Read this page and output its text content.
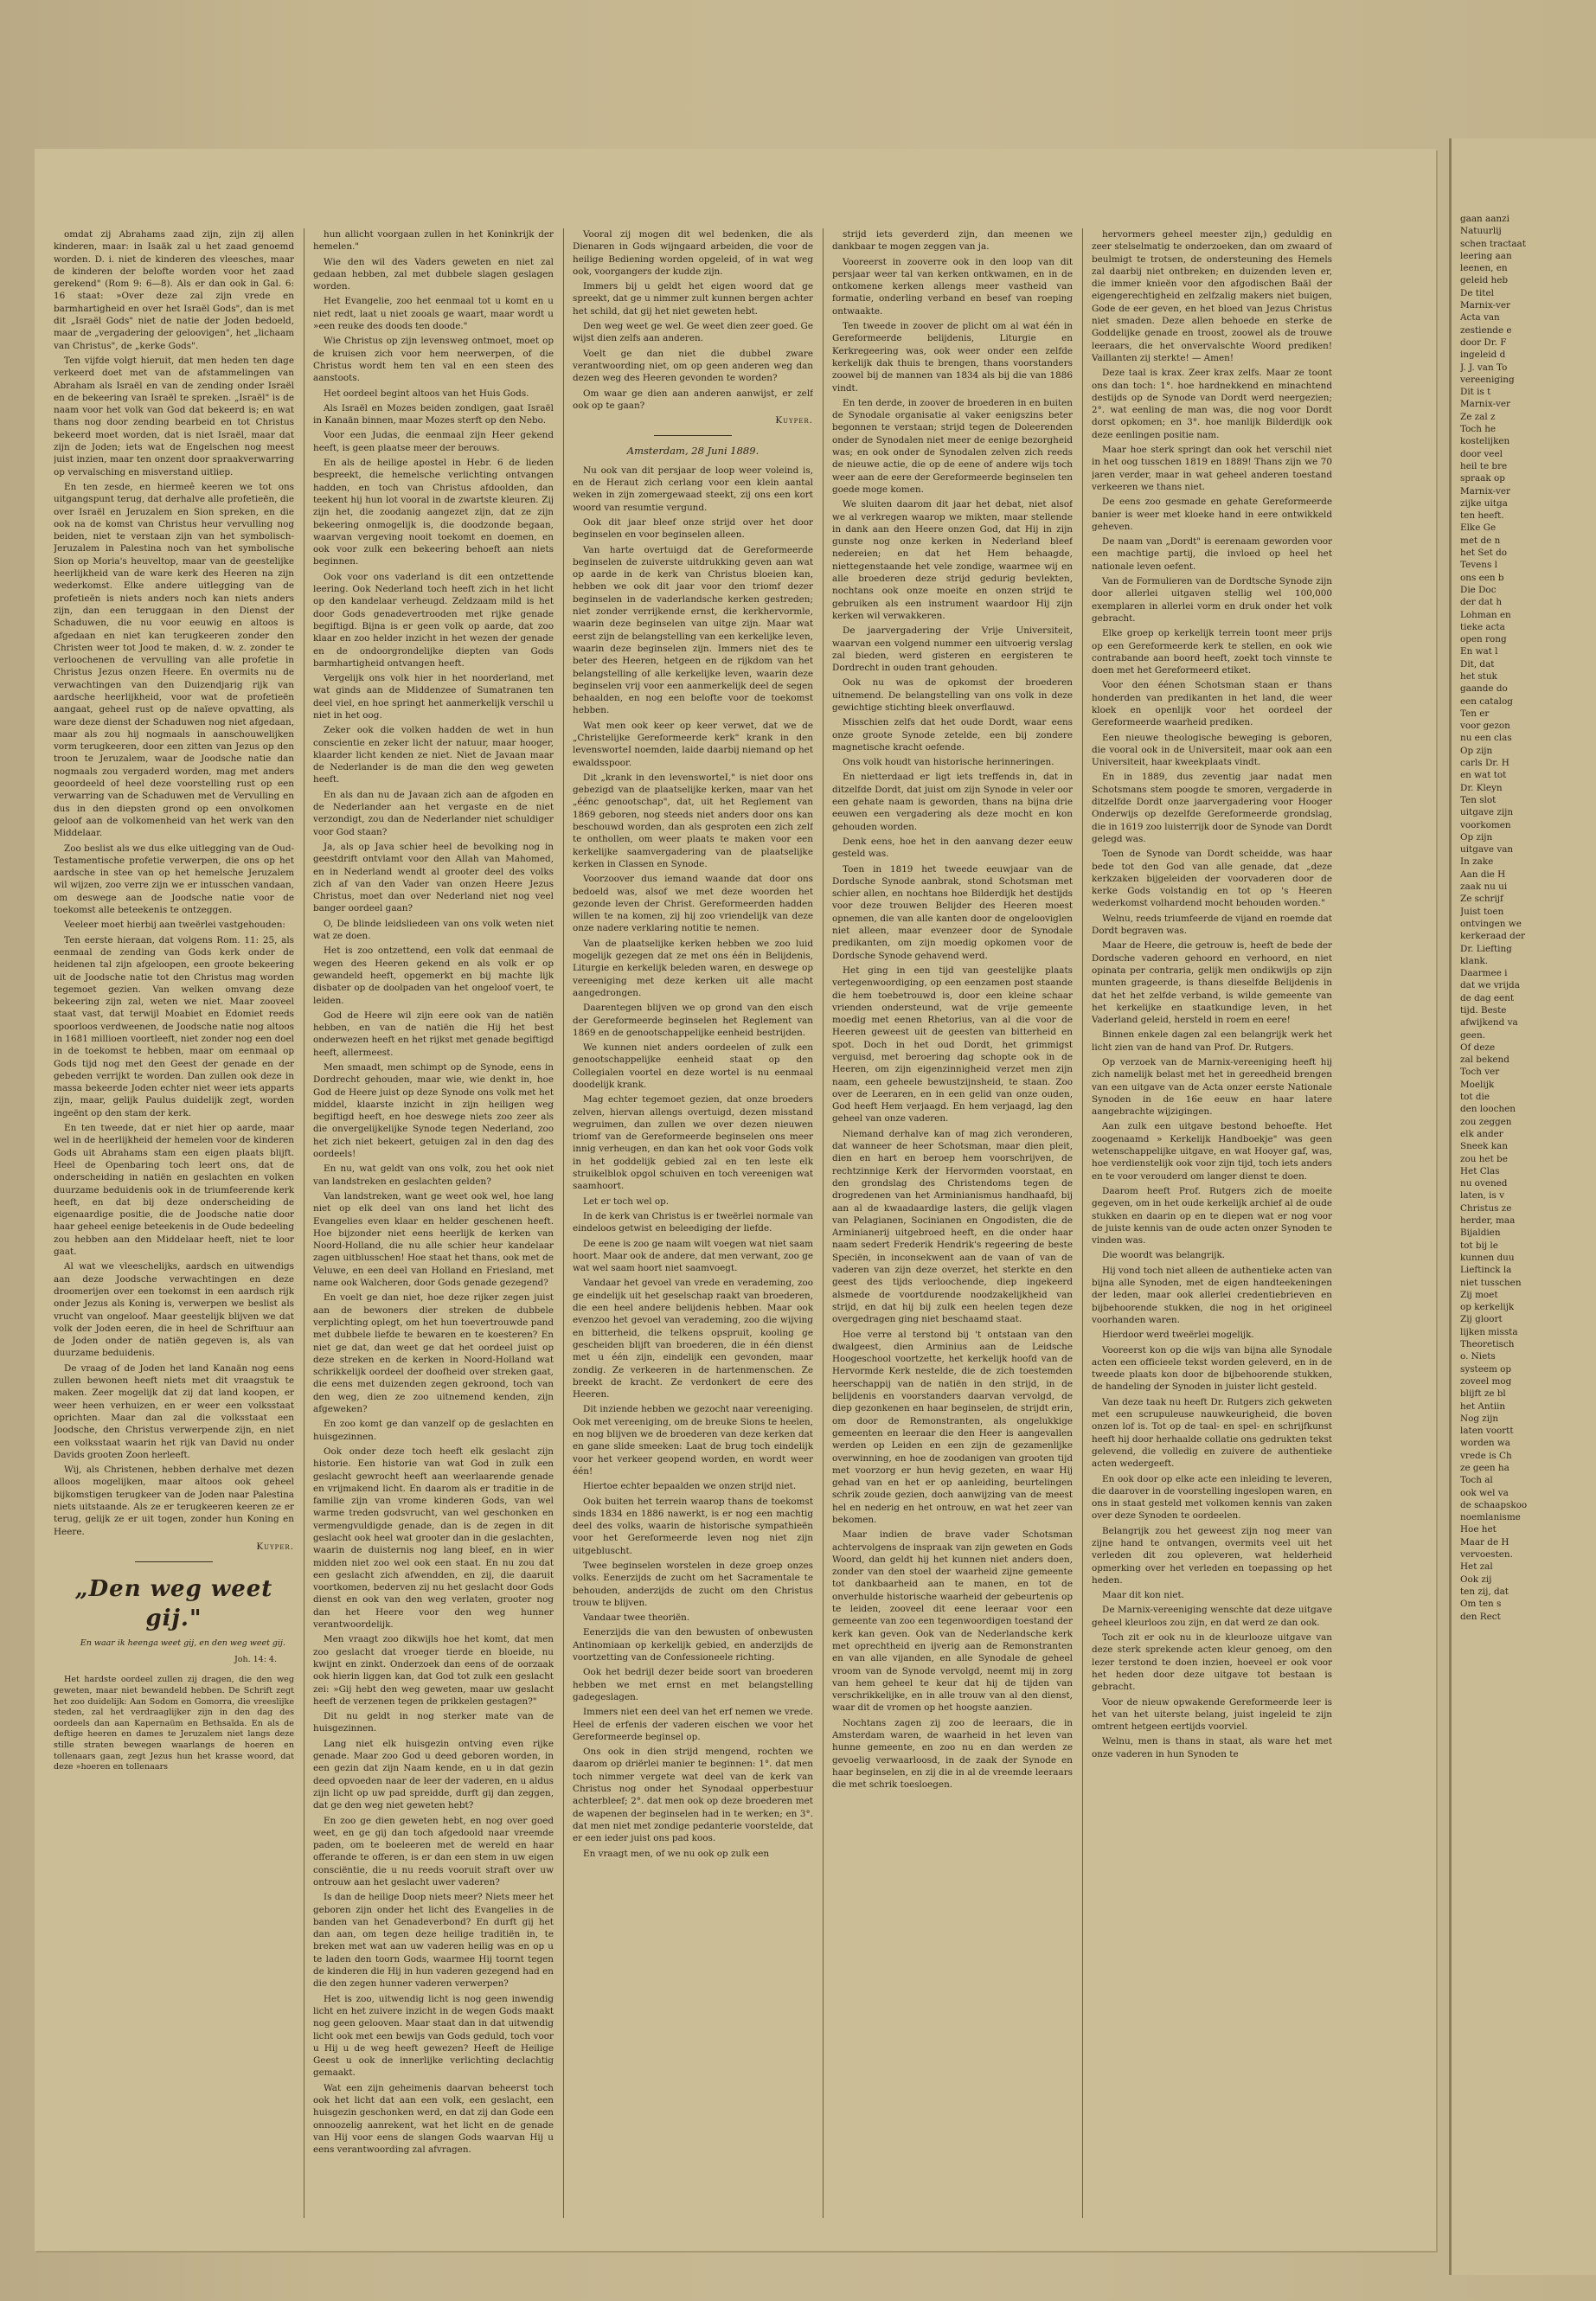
omdat zij Abrahams zaad zijn, zijn zij allen kinderen, maar: in Isaäk zal u het zaad genoemd worden. D. i. niet de kinderen des vleesches, maar de kinderen der beloftе worden voor het zaad gerekend" (Rom 9: 6—8). Als er dan ook in Gal. 6: 16 staat: »Over deze zal zijn vrede en barmhartigheid en over het Israël Gods", dan is met dit „Israël Gods" niet de natie der Joden bedoeld, maar de „vergadering der geloovigen", het „lichaam van Christus", de „kerke Gods".

Ten vijfde volgt hieruit, dat men heden ten dage verkeerd doet met van de afstammelingen van Abraham als Israël en van de zending onder Israël en de bekeering van Israël te spreken. „Israël" is de naam voor het volk van God dat bekeerd is; en wat thans nog door zending bearbeid en tot Christus bekeerd moet worden, dat is niet Israël, maar dat zijn de Joden; iets wat de Engelschen nog meest juist inzien, maar ten onzent door spraakverwarring op vervalsching en misverstand uitliep.

En ten zesde, en hiermeê keeren we tot ons uitgangspunt terug, dat derhalve alle profetieën, die over Israël en Jeruzalem en Sion spreken, en die ook na de komst van Christus heur vervulling nog beiden, niet te verstaan zijn van het symbolisch-Jeruzalem in Palestina noch van het symbolische Sion op Moria's heuveltop, maar van de geestelijke heerlijkheid van de ware kerk des Heeren na zijn wederkomst. Elke andere uitlegging van de profetieën is niets anders noch kan niets anders zijn, dan een teruggaan in den Dienst der Schaduwen, die nu voor eeuwig en altoos is afgedaan en niet kan terugkeeren zonder den Christen weer tot Jood te maken, d. w. z. zonder te verloochenen de vervulling van alle profetie in Christus Jezus onzen Heere. En overmits nu de verwachtingen van den Duizendjarig rijk van aardsche heerlijkheid, voor wat de profetieën aangaat, geheel rust op de naïeve opvatting, als ware deze dienst der Schaduwen nog niet afgedaan, maar als zou hij nogmaals in aanschouwelijken vorm terugkeeren, door een zitten van Jezus op den troon te Jeruzalem, waar de Joodsche natie dan nogmaals zou vergaderd worden, mag met anders geoordeeld of heel deze voorstelling rust op een verwarring van de Schaduwen met de Vervulling en dus in den diepsten grond op een onvolkomen geloof aan de volkomenheid van het werk van den Middelaar.

Zoo beslist als we dus elke uitlegging van de Oud-Testamentische profetie verwerpen, die ons op het aardsche in stee van op het hemelsche Jeruzalem wil wijzen, zoo verre zijn we er intusschen vandaan, om deswege aan de Joodsche natie voor de toekomst alle beteekenis te ontzeggen.

Veeleer moet hierbij aan tweërlei vastgehouden:

Ten eerste hieraan, dat volgens Rom. 11: 25, als eenmaal de zending van Gods kerk onder de heidenen tal zijn afgeloopen, een groote bekeering uit de Joodsche natie tot den Christus mag worden tegemoet gezien. Van welken omvang deze bekeering zijn zal, weten we niet. Maar zooveel staat vast, dat terwijl Moabiet en Edomiet reeds spoorloos verdweenen, de Joodsche natie nog altoos in 1681 millioen voortleeft, niet zonder nog een doel in de toekomst te hebben, maar om eenmaal op Gods tijd nog met den Geest der genade en der gebeden verrijkt te worden. Dan zullen ook deze in massa bekeerde Joden echter niet weer iets apparts zijn, maar, gelijk Paulus duidelijk zegt, worden ingeënt op den stam der kerk.

En ten tweede, dat er niet hier op aarde, maar wel in de heerlijkheid der hemelen voor de kinderen Gods uit Abrahams stam een eigen plaats blijft. Heel de Openbaring toch leert ons, dat de onderscheiding in natiën en geslachten en volken duurzame beduidenis ook in de triumfeerende kerk heeft, en dat bij deze onderscheiding de eigenaardige positie, die de Joodsche natie door haar geheel eenige beteekenis in de Oude bedeeling zou hebben aan den Middelaar heeft, niet te loor gaat.

Al wat we vleeschelijks, aardsch en uitwendigs aan deze Joodsche verwachtingen en deze droomerijen over een toekomst in een aardsch rijk onder Jezus als Koning is, verwerpen we beslist als vrucht van ongeloof. Maar geestelijk blijven we dat volk der Joden eeren, die in heel de Schriftuur aan de Joden onder de natiën gegeven is, als van duurzame beduidenis.

De vraag of de Joden het land Kanaän nog eens zullen bewonen heeft niets met dit vraagstuk te maken. Zeer mogelijk dat zij dat land koopen, er weer heen verhuizen, en er weer een volksstaat oprichten. Maar dan zal die volksstaat een Joodsche, den Christus verwerpende zijn, en niet een volksstaat waarin het rijk van David nu onder Davids grooten Zoon herleeft.

Wij, als Christenen, hebben derhalve met dezen alloos mogelijken, maar altoos ook geheel bijkomstigen terugkeer van de Joden naar Palestina niets uitstaande. Als ze er terugkeeren keeren ze er terug, gelijk ze er uit togen, zonder hun Koning en Heere.

Kuyper.
„Den weg weet gij."
En waar ik heenga weet gij, en den weg weet gij.
Joh. 14: 4.

Het hardste oordeel zullen zij dragen, die den weg geweten, maar niet bewandeld hebben. De Schrift zegt het zoo duidelijk: Aan Sodom en Gomorra, die vreeslijke steden, zal het verdraaglijker zijn in den dag des oordeels dan aan Kapernaüm en Bethsaïda. En als de deftige heeren en dames te Jeruzalem niet langs deze stille straten bewegen waarlangs de hoeren en tollenaars gaan, zegt Jezus hun het krasse woord, dat deze »hoeren en tollenaars

hun allicht voorgaan zullen in het Koninkrijk der hemelen."

Wie den wil des Vaders geweten en niet zal gedaan hebben, zal met dubbele slagen geslagen worden.

Het Evangelie, zoo het eenmaal tot u komt en u niet redt, laat u niet zooals ge waart, maar wordt u »een reuke des doods ten doode."

Wie Christus op zijn levensweg ontmoet, moet op de kruisen zich voor hem neerwerpen, of die Christus wordt hem ten val en een steen des aanstoots.

Het oordeel begint altoos van het Huis Gods.

Als Israël en Mozes beiden zondigen, gaat Israël in Kanaän binnen, maar Mozes sterft op den Nebo.

Voor een Judas, die eenmaal zijn Heer gekend heeft, is geen plaatse meer der berouws.

En als de heilige apostel in Hebr. 6 de lieden bespreekt, die hemelsche verlichting ontvangen hadden, en toch van Christus afdoolden, dan teekent hij hun lot vooral in de zwartste kleuren. Zij zijn het, die zoodanig aangezet zijn, dat ze zijn bekeering onmogelijk is, die doodzonde begaan, waarvan vergeving nooit toekomt en doemen, en ook voor zulk een bekeering behoeft aan niets beginnen.

Ook voor ons vaderland is dit een ontzettende leering. Ook Nederland toch heeft zich in het licht op den kandelaar verheugd. Zeldzaam mild is het door Gods genadevertrooden met rijke genade begiftigd. Bijna is er geen volk op aarde, dat zoo klaar en zoo helder inzicht in het wezen der genade en de ondoorgrondelijke diepten van Gods barmhartigheid ontvangen heeft.

Vergelijk ons volk hier in het noorderland, met wat ginds aan de Middenzee of Sumatranen ten deel viel, en hoe springt het aanmerkelijk verschil u niet in het oog.

Zeker ook die volken hadden de wet in hun conscientie en zeker licht der natuur, maar hooger, klaarder licht kenden ze niet. Niet de Javaan maar de Nederlander is de man die den weg geweten heeft.

En als dan nu de Javaan zich aan de afgoden en de Nederlander aan het vergaste en de niet verzondigt, zou dan de Nederlander niet schuldiger voor God staan?

Ja, als op Java schier heel de bevolking nog in geestdrift ontvlamt voor den Allah van Mahomed, en in Nederland wendt al grooter deel des volks zich af van den Vader van onzen Heere Jezus Christus, moet dan over Nederland niet nog veel banger oordeel gaan?

O, De blinde leidsliedeen van ons volk weten niet wat ze doen.

Het is zoo ontzettend, een volk dat eenmaal de wegen des Heeren gekend en als volk er op gewandeld heeft, opgemerkt en bij machte lijk disbater op de doolpaden van het ongeloof voert, te leiden.

God de Heere wil zijn eere ook van de natiën hebben, en van de natiën die Hij het best onderwezen heeft en het rijkst met genade begiftigd heeft, allermeest.

Men smaadt, men schimpt op de Synode, eens in Dordrecht gehouden, maar wie, wie denkt in, hoe God de Heere juist op deze Synode ons volk met het middel, klaarste inzicht in zijn heiligen weg begiftigd heeft, en hoe deswege niets zoo zeer als die onvergelijkelijke Synode tegen Nederland, zoo het zich niet bekeert, getuigen zal in den dag des oordeels!

En nu, wat geldt van ons volk, zou het ook niet van landstreken en geslachten gelden?

Van landstreken, want ge weet ook wel, hoe lang niet op elk deel van ons land het licht des Evangelies even klaar en helder geschenen heeft. Hoe bijzonder niet eens heerlijk de kerken van Noord-Holland, die nu alle schier heur kandelaar zagen uitblusschen! Hoe staat het thans, ook met de Veluwe, en een deel van Holland en Friesland, met name ook Walcheren, door Gods genade gezegend?

En voelt ge dan niet, hoe deze rijker zegen juist aan de bewoners dier streken de dubbele verplichting oplegt, om het hun toevertrouwde pand met dubbele liefde te bewaren en te koesteren? En niet ge dat, dan weet ge dat het oordeel juist op deze streken en de kerken in Noord-Holland wat schrikkelijk oordeel der doofheid over streken gaat, die eens met duizenden zegen gekroond, toch van den weg, dien ze zoo uitnemend kenden, zijn afgeweken?

En zoo komt ge dan vanzelf op de geslachten en huisgezinnen.

Ook onder deze toch heeft elk geslacht zijn historie. Een historie van wat God in zulk een geslacht gewrocht heeft aan weerlaarende genade en vrijmakend licht. En daarom als er traditie in de familie zijn van vrome kinderen Gods, van wel warme treden godsvrucht, van wel geschonken en vermengvuldigde genade, dan is de zegen in dit geslacht ook heel wat grooter dan in die geslachten, waarin de duisternis nog lang bleef, en in wier midden niet zoo wel ook een staat. En nu zou dat een geslacht zich afwendden, en zij, die daaruit voortkomen, bederven zij nu het geslacht door Gods dienst en ook van den weg verlaten, grooter nog dan het Heere voor den weg hunner verantwoordelijk.

Men vraagt zoo dikwijls hoe het komt, dat men zoo geslacht dat vroeger tierde en bloeide, nu kwijnt en zinkt. Onderzoek dan eens of de oorzaak ook hierin liggen kan, dat God tot zulk een geslacht zei: »Gij hebt den weg geweten, maar uw geslacht heeft de verzenen tegen de prikkelen gestagen?"

Dit nu geldt in nog sterker mate van de huisgezinnen.

Lang niet elk huisgezin ontving even rijke genade. Maar zoo God u deed geboren worden, in een gezin dat zijn Naam kende, en u in dat gezin deed opvoeden naar de leer der vaderen, en u aldus zijn licht op uw pad spreidde, durft gij dan zeggen, dat ge den weg niet geweten hebt?

En zoo ge dien geweten hebt, en nog over goed weet, en ge gij dan toch afgedoold naar vreemde paden, om te boeleeren met de wereld en haar offerande te offeren, is er dan een stem in uw eigen consciëntie, die u nu reeds vooruit straft over uw ontrouw aan het geslacht uwer vaderen?

Is dan de heilige Doop niets meer? Niets meer het geboren zijn onder het licht des Evangelies in de banden van het Genadeverbond? En durft gij het dan aan, om tegen deze heilige traditiën in, te breken met wat aan uw vaderen heilig was en op u te laden den toorn Gods, waarmee Hij toornt tegen de kinderen die Hij in hun vaderen gezegend had en die den zegen hunner vaderen verwerpen?

Het is zoo, uitwendig licht is nog geen inwendig licht en het zuivere inzicht in de wegen Gods maakt nog geen gelooven. Maar staat dan in dat uitwendig licht ook met een bewijs van Gods geduld, toch voor u Hij u de weg heeft gewezen? Heeft de Heilige Geest u ook de innerlijke verlichting declachtig gemaakt.

Wat een zijn geheimenis daarvan beheerst toch ook het licht dat aan een volk, een geslacht, een huisgezin geschonken werd, en dat zij dan Gode een onnoozelig aanrekent, wat het licht en de genade van Hij voor eens de slangen Gods waarvan Hij u eens verantwoording zal afvragen.

Vooral zij mogen dit wel bedenken, die als Dienaren in Gods wijngaard arbeiden, die voor de heilige Bediening worden opgeleid, of in wat weg ook, voorgangers der kudde zijn.

Immers bij u geldt het eigen woord dat ge spreekt, dat ge u nimmer zult kunnen bergen achter het schild, dat gij het niet geweten hebt.

Den weg weet ge wel. Ge weet dien zeer goed. Ge wijst dien zelfs aan anderen.

Voelt ge dan niet die dubbel zware verantwoording niet, om op geen anderen weg dan dezen weg des Heeren gevonden te worden?

Om waar ge dien aan anderen aanwijst, er zelf ook op te gaan?

Kuyper.
Amsterdam, 28 Juni 1889.

Nu ook van dit persjaar de loop weer voleind is, en de Heraut zich cerlang voor een klein aantal weken in zijn zomergewaad steekt, zij ons een kort woord van resumtie vergund.

Ook dit jaar bleef onze strijd over het door beginselen en voor beginselen alleen.

Van harte overtuigd dat de Gereformeerde beginselen de zuiverste uitdrukking geven aan wat op aarde in de kerk van Christus bloeien kan, hebben we ook dit jaar voor den triomf dezer beginselen in de vaderlandsche kerken gestreden; niet zonder verrijkende ernst, die kerkhervormle, waarin deze beginselen van uitge zijn. Maar wat eerst zijn de belangstelling van een kerkelijke leven, waarin deze beginselen zijn. Immers niet des te beter des Heeren, hetgeen en de rijkdom van het belangstelling of alle kerkelijke leven, waarin deze beginselen vrij voor een aanmerkelijk deel de segen behaalden, en nog een belofte voor de toekomst hebben.

Wat men ook keer op keer verwet, dat we de „Christelijke Gereformeerde kerk" krank in den levensworteI noemden, laide daarbij niemand op het ewaldsspoor.

Dit „krank in den levensworteI," is niet door ons gebezigd van de plaatselijke kerken, maar van het „éénc genootschap", dat, uit het Reglement van 1869 geboren, nog steeds niet anders door ons kan beschouwd worden, dan als gesproten een zich zelf te onthollen, om weer plaats te maken voor een kerkelijke saamvergadering van de plaatselijke kerken in Classen en Synode.

Voorzoover dus iemand waande dat door ons bedoeld was, alsof we met deze woorden het gezonde leven der Christ. Gereformeerden hadden willen te na komen, zij hij zoo vriendelijk van deze onze nadere verklaring notitie te nemen.

Van de plaatselijke kerken hebben we zoo luid mogelijk gezegen dat ze met ons één in Belijdenis, Liturgie en kerkelijk beleden waren, en deswege op vereeniging met deze kerken uit alle macht aangedrongen.

Daarentegen blijven we op grond van den eisch der Gereformeerde beginselen het Reglement van 1869 en de genootschappelijke eenheid bestrijden.

We kunnen niet anders oordeelen of zulk een genootschappelijke eenheid staat op den Collegialen voortel en deze wortel is nu eenmaal doodelijk krank.

Mag echter tegemoet gezien, dat onze broeders zelven, hiervan allengs overtuigd, dezen misstand wegruimen, dan zullen we over dezen nieuwen triomf van de Gereformeerde beginselen ons meer innig verheugen, en dan kan het ook voor Gods volk in het goddelijk gebied zal en ten leste elk struikelblok opgol schuiven en toch vereenigen wat saamhoort.

Let er toch wel op.

In de kerk van Christus is er tweërlei normale van eindeloos getwist en beleediging der liefde.

De eene is zoo ge naam wilt voegen wat niet saam hoort. Maar ook de andere, dat men verwant, zoo ge wat wel saam hoort niet saamvoegt.

Vandaar het gevoel van vrede en verademing, zoo ge eindelijk uit het geselschap raakt van broederen, die een heel andere belijdenis hebben. Maar ook evenzoo het gevoel van verademing, zoo die wijving en bitterheid, die telkens opspruit, kooling ge gescheiden blijft van broederen, die in één dienst met u één zijn, eindelijk een gevonden, maar zondig. Ze verkeeren in de hartenmenschen. Ze breekt de kracht. Ze verdonkert de eere des Heeren.

Dit inziende hebben we gezocht naar vereeniging. Ook met vereeniging, om de breuke Sions te heelen, en nog blijven we de broederen van deze kerken dat en gane slide smeeken: Laat de brug toch eindelijk voor het verkeer geopend worden, en wordt weer één!

Hiertoe echter bepaalden we onzen strijd niet.

Ook buiten het terrein waarop thans de toekomst sinds 1834 en 1886 nawerkt, is er nog een machtig deel des volks, waarin de historische sympathieën voor het Gereformeerde leven nog niet zijn uitgebluscht.

Twee beginselen worstelen in deze groep onzes volks. Eenerzijds de zucht om het Sacramentale te behouden, anderzijds de zucht om den Christus trouw te blijven.

Vandaar twee theoriën.

Eenerzijds die van den bewusten of onbewusten Antinomiaan op kerkelijk gebied, en anderzijds de voortzetting van de Confessioneele richting.

Ook het bedrijl dezer beide soort van broederen hebben we met ernst en met belangstelling gadegeslagen.

Immers niet een deel van het erf nemen we vrede. Heel de erfenis der vaderen eischen we voor het Gereformeerde beginsel op.

Ons ook in dien strijd mengend, rochten we daarom op driërlei manier te beginnen: 1°. dat men toch nimmer vergete wat deel van de kerk van Christus nog onder het Synodaal opperbestuur achterbleef; 2°. dat men ook op deze broederen met de wapenen der beginselen had in te werken; en 3°. dat men niet met zondige pedanterie voorstelde, dat er een ieder juist ons pad koos.

En vraagt men, of we nu ook op zulk een

strijd iets geverderd zijn, dan meenen we dankbaar te mogen zeggen van ja.

Vooreerst in zooverre ook in den loop van dit persjaar weer tal van kerken ontkwamen, en in de ontkomene kerken allengs meer vastheid van formatie, onderling verband en besef van roeping ontwaakte.

Ten tweede in zoover de plicht om al wat één in Gereformeerde belijdenis, Liturgie en Kerkregeering was, ook weer onder een zelfde kerkelijk dak thuis te brengen, thans voorstanders zoowel bij de mannen van 1834 als bij die van 1886 vindt.

En ten derde, in zoover de broederen in en buiten de Synodale organisatie al vaker eenigszins beter begonnen te verstaan; strijd tegen de Doleerenden onder de Synodalen niet meer de eenige bezorgheid was; en ook onder de Synodalen zelven zich reeds de nieuwe actie, die op de eene of andere wijs toch weer aan de eere der Gereformeerde beginselen ten goede moge komen.

We sluiten daarom dit jaar het debat, niet alsof we al verkregen waarop we mikten, maar stellende in dank aan den Heere onzen God, dat Hij in zijn gunste nog onze kerken in Nederland bleef nedereien; en dat het Hem behaagde, niettegenstaande het vele zondige, waarmee wij en alle broederen deze strijd gedurig bevlekten, nochtans ook onze moeite en onzen strijd te gebruiken als een instrument waardoor Hij zijn kerken wil verwakkeren.

De jaarvergadering der Vrije Universiteit, waarvan een volgend nummer een uitvoerig verslag zal bieden, werd gisteren en eergisteren te Dordrecht in ouden trant gehouden.

Ook nu was de opkomst der broederen uitnemend. De belangstelling van ons volk in deze gewichtige stichting bleek onverflauwd.

Misschien zelfs dat het oude Dordt, waar eens onze groote Synode zetelde, een bij zondere magnetische kracht oefende.

Ons volk houdt van historische herinneringen.

En nietterdaad er ligt iets treffends in, dat in ditzelfde Dordt, dat juist om zijn Synode in veler oor een gehate naam is geworden, thans na bijna drie eeuwen een vergadering als deze mocht en kon gehouden worden.

Denk eens, hoe het in den aanvang dezer eeuw gesteld was.

Toen in 1819 het tweede eeuwjaar van de Dordsche Synode aanbrak, stond Schotsman met schier allen, en nochtans hoe Bilderdijk het destijds voor deze trouwen Belijder des Heeren moest opnemen, die van alle kanten door de ongelooviglen niet alleen, maar evenzeer door de Synodale predikanten, om zijn moedig opkomen voor de Dordsche Synode gehavend werd.

Het ging in een tijd van geestelijke plaats vertegenwoordiging, op een eenzamen post staande die hem toebetrouwd is, door een kleine schaar vrienden ondersteund, wat de vrije gemeente moedig met eenen Rhetorius, van al die voor de Heeren geweest uit de geesten van bitterheid en spot. Doch in het oud Dordt, het grimmigst verguisd, met beroering dag schopte ook in de Heeren, om zijn eigenzinnigheid verzet men zijn naam, een geheele bewustzijnsheid, te staan. Zoo over de Leeraren, en in een gelid van onze ouden, God heeft Hem verjaagd. En hem verjaagd, lag den geheel van onze vaderen.

Niemand derhalve kan of mag zich veronderen, dat wanneer de heer Schotsman, maar dien pleit, dien en hart en beroep hem voorschrijven, de rechtzinnige Kerk der Hervormden voorstaat, en den grondslag des Christendoms tegen de drogredenen van het Arminianismus handhaafd, bij aan al de kwaadaardige lasters, die gelijk vlagen van Pelagianen, Socinianen en Ongodisten, die de Arminianerij uitgebroed heeft, en die onder haar naam sedert Frederik Hendrik's regeering de beste Speciën, in inconsekwent aan de vaan of van de vaderen van zijn deze overzet, het sterkte en den geest des tijds verloochende, diep ingekeerd alsmede de voortdurende noodzakelijkheid van strijd, en dat hij bij zulk een heelen tegen deze overgedragen ging niet beschaamd staat.

Hoe verre al terstond bij 't ontstaan van den dwalgeest, dien Arminius aan de Leidsche Hoogeschool voortzette, het kerkelijk hoofd van de Hervormde Kerk nestelde, die de zich toestemden heerschappij van de natiën in den strijd, in de belijdenis en voorstanders daarvan vervolgd, de diep gezonkenen en haar beginselen, de strijdt erin, om door de Remonstranten, als ongelukkige gemeenten en leeraar die den Heer is aangevallen werden op Leiden en een zijn de gezamenlijke overwinning, en hoe de zoodanigen van grooten tijd met voorzorg er hun hevig gezeten, en waar Hij gehad van en het er op aanleiding, beurtelingen schrik zoude gezien, doch aanwijzing van de meest hel en nederig en het ontrouw, en wat het zeer van bekomen.

Maar indien de brave vader Schotsman achtervolgens de inspraak van zijn geweten en Gods Woord, dan geldt hij het kunnen niet anders doen, zonder van den stoel der waarheid zijne gemeente tot dankbaarheid aan te manen, en tot de onverhulde historische waarheid der gebeurtenis op te leiden, zooveel dit eene leeraar voor een gemeente van zoo een tegenwoordigen toestand der kerk kan geven. Ook van de Nederlandsche kerk met oprechtheid en ijverig aan de Remonstranten en van alle vijanden, en alle Synodale de geheel vroom van de Synode vervolgd, neemt mij in zorg van hem geheel te keur dat hij de tijden van verschrikkelijke, en in alle trouw van al den dienst, waar dit de vromen op het hoogste aanzien.

Nochtans zagen zij zoo de leeraars, die in Amsterdam waren, de waarheid in het leven van hunne gemeente, en zoo nu en dan werden ze gevoelig verwaarloosd, in de zaak der Synode en haar beginselen, en zij die in al de vreemde leeraars die met schrik toesloegen.

hervormers geheel meester zijn,) geduldig en zeer stelselmatig te onderzoeken, dan om zwaard of beulmigt te trotsen, de ondersteuning des Hemels zal daarbij niet ontbreken; en duizenden leven er, die immer knieën voor den afgodischen Baäl der eigengerechtigheid en zelfzalig makers niet buigen, Gode de eer geven, en het bloed van Jezus Christus niet smaden. Deze allen behoede en sterke de Goddelijke genade en troost, zoowel als de trouwe leeraars, die het onvervalschte Woord prediken! Vaillanten zij sterkte! — Amen!

Deze taal is krax. Zeer krax zelfs. Maar ze toont ons dan toch: 1°. hoe hardnekkend en minachtend destijds op de Synode van Dordt werd neergezien; 2°. wat eenling de man was, die nog voor Dordt dorst opkomen; en 3°. hoe manlijk Bilderdijk ook deze eenlingen positie nam.

Maar hoe sterk springt dan ook het verschil niet in het oog tusschen 1819 en 1889! Thans zijn we 70 jaren verder, maar in wat geheel anderen toestand verkeeren we thans niet.

De eens zoo gesmade en gehate Gereformeerde banier is weer met kloeke hand in eere ontwikkeld geheven.

De naam van „Dordt" is eerenaam geworden voor een machtige partij, die invloed op heel het nationale leven oefent.

Van de Formulieren van de Dordtsche Synode zijn door allerlei uitgaven stellig wel 100,000 exemplaren in allerlei vorm en druk onder het volk gebracht.

Elke groep op kerkelijk terrein toont meer prijs op een Gereformeerde kerk te stellen, en ook wie contrabande aan boord heeft, zoekt toch vinnste te doen met het Gereformeerd etiket.

Voor den éénen Schotsman staan er thans honderden van predikanten in het land, die weer kloek en openlijk voor het oordeel der Gereformeerde waarheid prediken.

Een nieuwe theologische beweging is geboren, die vooral ook in de Universiteit, maar ook aan een Universiteit, haar kweekplaats vindt.

En in 1889, dus zeventig jaar nadat men Schotsmans stem poogde te smoren, vergaderde in ditzelfde Dordt onze jaarvergadering voor Hooger Onderwijs op dezelfde Gereformeerde grondslag, die in 1619 zoo luisterrijk door de Synode van Dordt gelegd was.

Toen de Synode van Dordt scheidde, was haar bede tot den God van alle genade, dat „deze kerkzaken bijgeleiden der voorvaderen door de kerke Gods volstandig en tot op 's Heeren wederkomst volhardend mocht behouden worden."

Welnu, reeds triumfeerde de vijand en roemde dat Dordt begraven was.

Maar de Heere, die getrouw is, heeft de bede der Dordsche vaderen gehoord en verhoord, en niet opinata per contraria, gelijk men ondikwijls op zijn munten grageerde, is thans dieselfde Belijdenis in dat het het zelfde verband, is wilde gemeente van het kerkelijke en staatkundige leven, in het Vaderland geleid, hersteld in roem en eere!

Binnen enkele dagen zal een belangrijk werk het licht zien van de hand van Prof. Dr. Rutgers.

Op verzoek van de Marnix-vereeniging heeft hij zich namelijk belast met het in gereedheid brengen van een uitgave van de Acta onzer eerste Nationale Synoden in de 16e eeuw en haar latere aangebrachte wijzigingen.

Aan zulk een uitgave bestond behoefte. Het zoogenaamd » Kerkelijk Handboekje" was geen wetenschappelijke uitgave, en wat Hooyer gaf, was, hoe verdienstelijk ook voor zijn tijd, toch iets anders en te voor verouderd om langer dienst te doen.

Daarom heeft Prof. Rutgers zich de moeite gegeven, om in het oude kerkelijk archief al de oude stukken en daarin op en te diepen wat er nog voor de juiste kennis van de oude acten onzer Synoden te vinden was.

Die woordt was belangrijk.

Hij vond toch niet alleen de authentieke acten van bijna alle Synoden, met de eigen handteekeningen der leden, maar ook allerlei credentiebrieven en bijbehoorende stukken, die nog in het origineel voorhanden waren.

Hierdoor werd tweërlei mogelijk.

Vooreerst kon op die wijs van bijna alle Synodale acten een officieele tekst worden geleverd, en in de tweede plaats kon door de bijbehoorende stukken, de handeling der Synoden in juister licht gesteld.

Van deze taak nu heeft Dr. Rutgers zich gekweten met een scrupuleuse nauwkeurigheid, die boven onzen lof is. Tot op de taal- en spel- en schrijfkunst heeft hij door herhaalde collatie ons gedrukten tekst gelevend, die volledig en zuivere de authentieke acten wedergeeft.

En ook door op elke acte een inleiding te leveren, die daarover in de voorstelling ingeslopen waren, en ons in staat gesteld met volkomen kennis van zaken over deze Synoden te oordeelen.

Belangrijk zou het geweest zijn nog meer van zijne hand te ontvangen, overmits veel uit het verleden dit zou opleveren, wat helderheid opmerking over het verleden en toepassing op het heden.

Maar dit kon niet.

De Marnix-vereeniging wenschte dat deze uitgave geheel kleurloos zou zijn, en dat werd ze dan ook.

Toch zit er ook nu in de kleurlooze uitgave van deze sterk sprekende acten kleur genoeg, om den lezer terstond te doen inzien, hoeveel er ook voor het heden door deze uitgave tot bestaan is gebracht.

Voor de nieuw opwakende Gereformeerde leer is het van het uiterste belang, juist ingeleid te zijn omtrent hetgeen eertijds voorviel.

Welnu, men is thans in staat, als ware het met onze vaderen in hun Synoden te

gaan aanzi
Natuurlij
schen tractaat
leering aan
leenen, en
geleid heb
De titel
Marnix-ver
Acta van
zestiende e
door Dr. F
ingeleid d
J. J. van To
vereeniging
Dit is t
Marnix-ver
Ze zal z
Toch he
kostelijken
door veel
heil te bre
spraak op
Marnix-ver
zijke uitga
ten heeft.
Elke Ge
met de n
het Set do
Tevens l
ons een b
Die Doc
der dat h
Lohman en
tieke acta
open rong
En wat l
Dit, dat
het stuk
gaande do
een catalog
Ten er
voor gezon
nu een clas
Op zijn
carls Dr. H
en wat tot
Dr. Kleyn
Ten slot
uitgave zijn
voorkomen
Op zijn
uitgave van
In zake
Aan die H
zaak nu ui
Ze schrijf
Juist toen
ontvingen we
kerkeraad der
Dr. Liefting
klank.
Daarmee i
dat we vrijda
de dag eent
tijd. Beste
afwijkend va
geen.
Of deze
zal bekend
Toch ver
Moelijk
tot die
den loochen
zou zeggen
elk ander
Sneek kan
zou het be
Het Clas
nu ovened
laten, is v
Christus ze
herder, maa
Bijaldien
tot bij le
kunnen duu
Lieftinck la
niet tusschen
Zij moet
op kerkelijk
Zij gloort
lijken missta
Theoretisch
o. Niets
systeem op
zoveel mog
blijft ze bl
het Antiin
Nog zijn
laten voortt
worden wa
vrede is Ch
ze geen ha
Toch al
ook wel va
de schaapskoo
noemlanisme
Hoe het
Maar de H
vervoesten.
Het zal
Ook zij
ten zij, dat
Om ten s
den Rect
